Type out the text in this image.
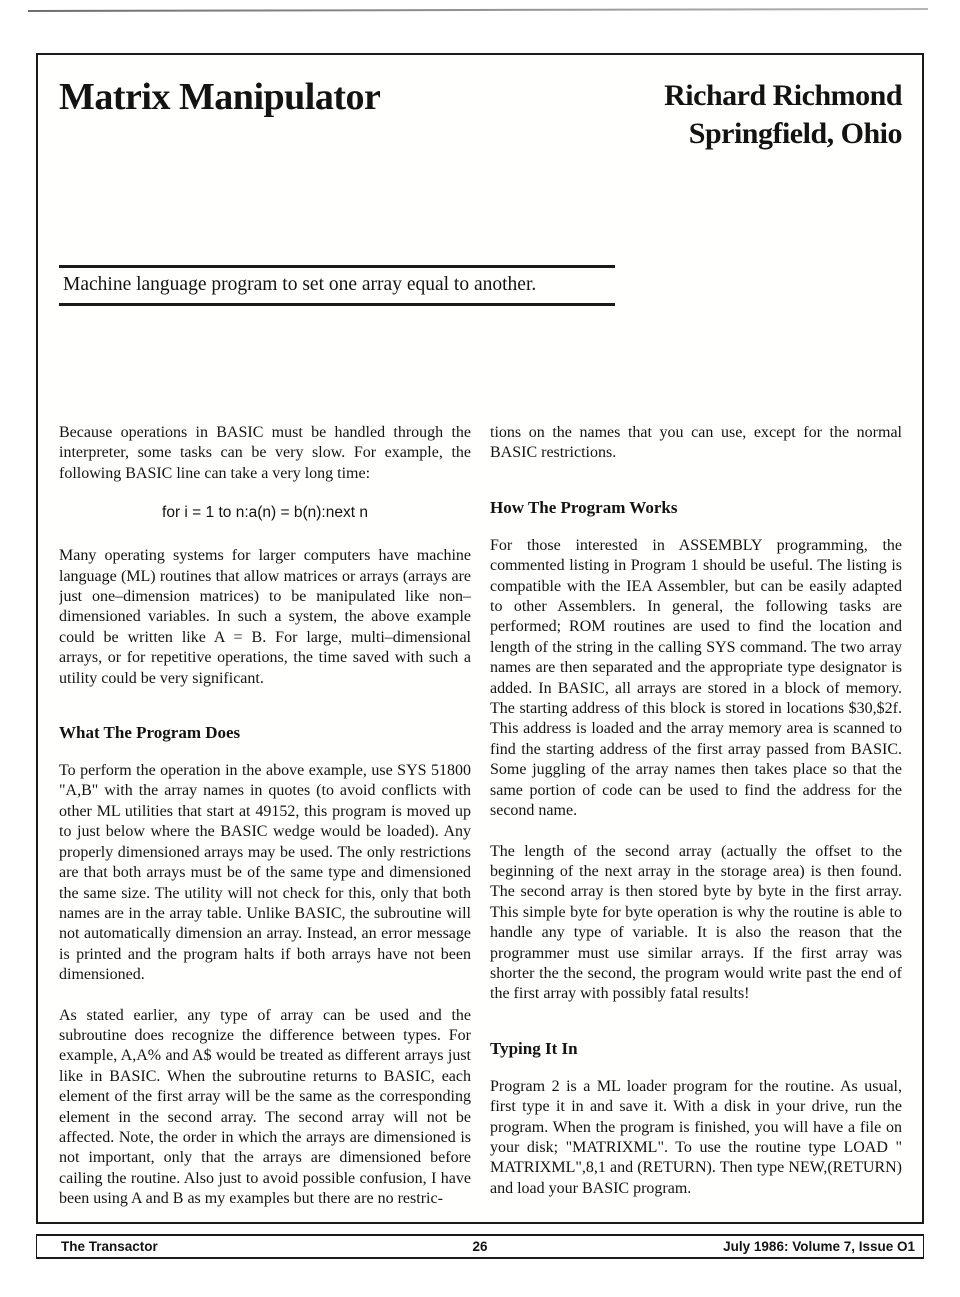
Matrix Manipulator	Richard Richmond
Springfield, Ohio

Machine language program to set one array equal to another.

Because operations in BASIC must be handled through the interpreter, some tasks can be very slow. For example, the following BASIC line can take a very long time:

for i = 1 to n:a(n) = b(n):next n

Many operating systems for larger computers have machine language (ML) routines that allow matrices or arrays (arrays are just one–dimension matrices) to be manipulated like non–dimensioned variables. In such a system, the above example could be written like A = B. For large, multi–dimensional arrays, or for repetitive operations, the time saved with such a utility could be very significant.

What The Program Does

To perform the operation in the above example, use SYS 51800 "A,B" with the array names in quotes (to avoid conflicts with other ML utilities that start at 49152, this program is moved up to just below where the BASIC wedge would be loaded). Any properly dimensioned arrays may be used. The only restrictions are that both arrays must be of the same type and dimensioned the same size. The utility will not check for this, only that both names are in the array table. Unlike BASIC, the subroutine will not automatically dimension an array. Instead, an error message is printed and the program halts if both arrays have not been dimensioned.

As stated earlier, any type of array can be used and the subroutine does recognize the difference between types. For example, A,A% and A$ would be treated as different arrays just like in BASIC. When the subroutine returns to BASIC, each element of the first array will be the same as the corresponding element in the second array. The second array will not be affected. Note, the order in which the arrays are dimensioned is not important, only that the arrays are dimensioned before cailing the routine. Also just to avoid possible confusion, I have been using A and B as my examples but there are no restric-

tions on the names that you can use, except for the normal BASIC restrictions.

How The Program Works

For those interested in ASSEMBLY programming, the commented listing in Program 1 should be useful. The listing is compatible with the IEA Assembler, but can be easily adapted to other Assemblers. In general, the following tasks are performed; ROM routines are used to find the location and length of the string in the calling SYS command. The two array names are then separated and the appropriate type designator is added. In BASIC, all arrays are stored in a block of memory. The starting address of this block is stored in locations $30,$2f. This address is loaded and the array memory area is scanned to find the starting address of the first array passed from BASIC. Some juggling of the array names then takes place so that the same portion of code can be used to find the address for the second name.

The length of the second array (actually the offset to the beginning of the next array in the storage area) is then found. The second array is then stored byte by byte in the first array. This simple byte for byte operation is why the routine is able to handle any type of variable. It is also the reason that the programmer must use similar arrays. If the first array was shorter the the second, the program would write past the end of the first array with possibly fatal results!

Typing It In

Program 2 is a ML loader program for the routine. As usual, first type it in and save it. With a disk in your drive, run the program. When the program is finished, you will have a file on your disk; "MATRIXML". To use the routine type LOAD " MATRIXML",8,1 and (RETURN). Then type NEW,(RETURN) and load your BASIC program.

The Transactor	26	July 1986: Volume 7, Issue O1
